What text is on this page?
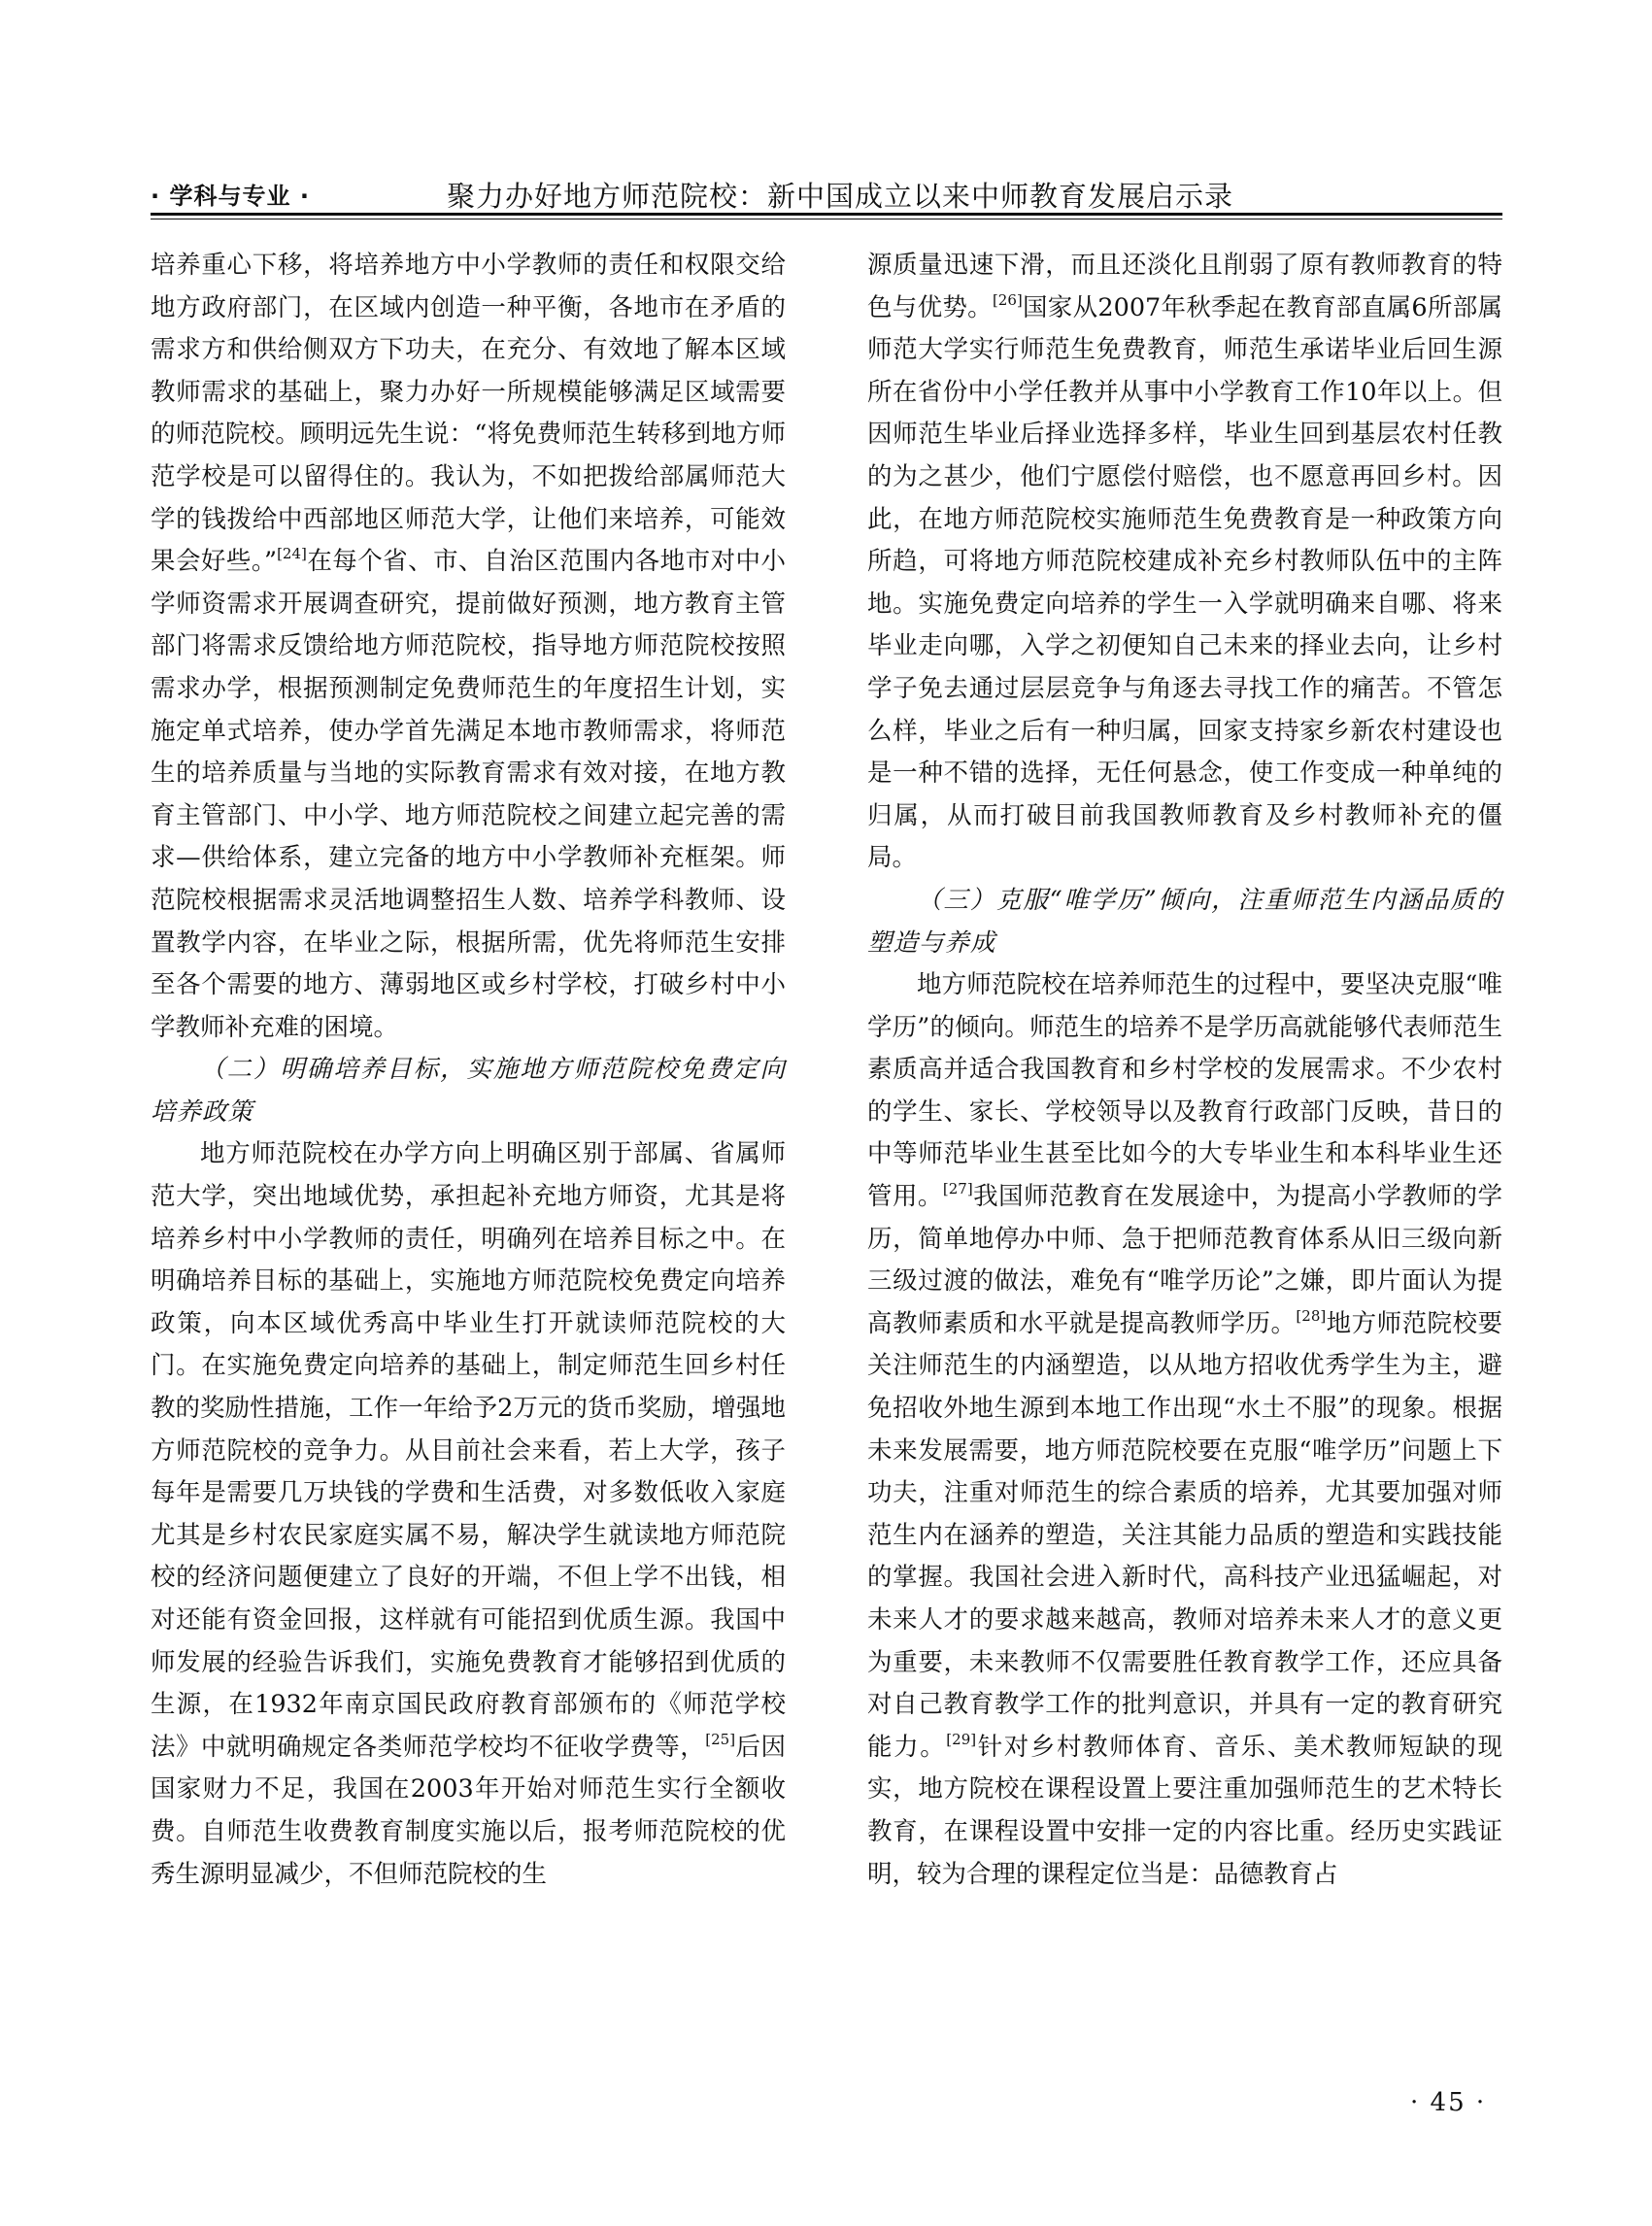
· 学科与专业 ·	聚力办好地方师范院校：新中国成立以来中师教育发展启示录

培养重心下移，将培养地方中小学教师的责任和权限交给地方政府部门，在区域内创造一种平衡，各地市在矛盾的需求方和供给侧双方下功夫，在充分、有效地了解本区域教师需求的基础上，聚力办好一所规模能够满足区域需要的师范院校。顾明远先生说：“将免费师范生转移到地方师范学校是可以留得住的。我认为，不如把拨给部属师范大学的钱拨给中西部地区师范大学，让他们来培养，可能效果会好些。”[24]在每个省、市、自治区范围内各地市对中小学师资需求开展调查研究，提前做好预测，地方教育主管部门将需求反馈给地方师范院校，指导地方师范院校按照需求办学，根据预测制定免费师范生的年度招生计划，实施定单式培养，使办学首先满足本地市教师需求，将师范生的培养质量与当地的实际教育需求有效对接，在地方教育主管部门、中小学、地方师范院校之间建立起完善的需求—供给体系，建立完备的地方中小学教师补充框架。师范院校根据需求灵活地调整招生人数、培养学科教师、设置教学内容，在毕业之际，根据所需，优先将师范生安排至各个需要的地方、薄弱地区或乡村学校，打破乡村中小学教师补充难的困境。

（二）明确培养目标，实施地方师范院校免费定向培养政策

地方师范院校在办学方向上明确区别于部属、省属师范大学，突出地域优势，承担起补充地方师资，尤其是将培养乡村中小学教师的责任，明确列在培养目标之中。在明确培养目标的基础上，实施地方师范院校免费定向培养政策，向本区域优秀高中毕业生打开就读师范院校的大门。在实施免费定向培养的基础上，制定师范生回乡村任教的奖励性措施，工作一年给予2万元的货币奖励，增强地方师范院校的竞争力。从目前社会来看，若上大学，孩子每年是需要几万块钱的学费和生活费，对多数低收入家庭尤其是乡村农民家庭实属不易，解决学生就读地方师范院校的经济问题便建立了良好的开端，不但上学不出钱，相对还能有资金回报，这样就有可能招到优质生源。我国中师发展的经验告诉我们，实施免费教育才能够招到优质的生源，在1932年南京国民政府教育部颁布的《师范学校法》中就明确规定各类师范学校均不征收学费等，[25]后因国家财力不足，我国在2003年开始对师范生实行全额收费。自师范生收费教育制度实施以后，报考师范院校的优秀生源明显减少，不但师范院校的生

源质量迅速下滑，而且还淡化且削弱了原有教师教育的特色与优势。[26]国家从2007年秋季起在教育部直属6所部属师范大学实行师范生免费教育，师范生承诺毕业后回生源所在省份中小学任教并从事中小学教育工作10年以上。但因师范生毕业后择业选择多样，毕业生回到基层农村任教的为之甚少，他们宁愿偿付赔偿，也不愿意再回乡村。因此，在地方师范院校实施师范生免费教育是一种政策方向所趋，可将地方师范院校建成补充乡村教师队伍中的主阵地。实施免费定向培养的学生一入学就明确来自哪、将来毕业走向哪，入学之初便知自己未来的择业去向，让乡村学子免去通过层层竞争与角逐去寻找工作的痛苦。不管怎么样，毕业之后有一种归属，回家支持家乡新农村建设也是一种不错的选择，无任何悬念，使工作变成一种单纯的归属，从而打破目前我国教师教育及乡村教师补充的僵局。

（三）克服“唯学历”倾向，注重师范生内涵品质的塑造与养成

地方师范院校在培养师范生的过程中，要坚决克服“唯学历”的倾向。师范生的培养不是学历高就能够代表师范生素质高并适合我国教育和乡村学校的发展需求。不少农村的学生、家长、学校领导以及教育行政部门反映，昔日的中等师范毕业生甚至比如今的大专毕业生和本科毕业生还管用。[27]我国师范教育在发展途中，为提高小学教师的学历，简单地停办中师、急于把师范教育体系从旧三级向新三级过渡的做法，难免有“唯学历论”之嫌，即片面认为提高教师素质和水平就是提高教师学历。[28]地方师范院校要关注师范生的内涵塑造，以从地方招收优秀学生为主，避免招收外地生源到本地工作出现“水土不服”的现象。根据未来发展需要，地方师范院校要在克服“唯学历”问题上下功夫，注重对师范生的综合素质的培养，尤其要加强对师范生内在涵养的塑造，关注其能力品质的塑造和实践技能的掌握。我国社会进入新时代，高科技产业迅猛崛起，对未来人才的要求越来越高，教师对培养未来人才的意义更为重要，未来教师不仅需要胜任教育教学工作，还应具备对自己教育教学工作的批判意识，并具有一定的教育研究能力。[29]针对乡村教师体育、音乐、美术教师短缺的现实，地方院校在课程设置上要注重加强师范生的艺术特长教育，在课程设置中安排一定的内容比重。经历史实践证明，较为合理的课程定位当是：品德教育占

· 45 ·
